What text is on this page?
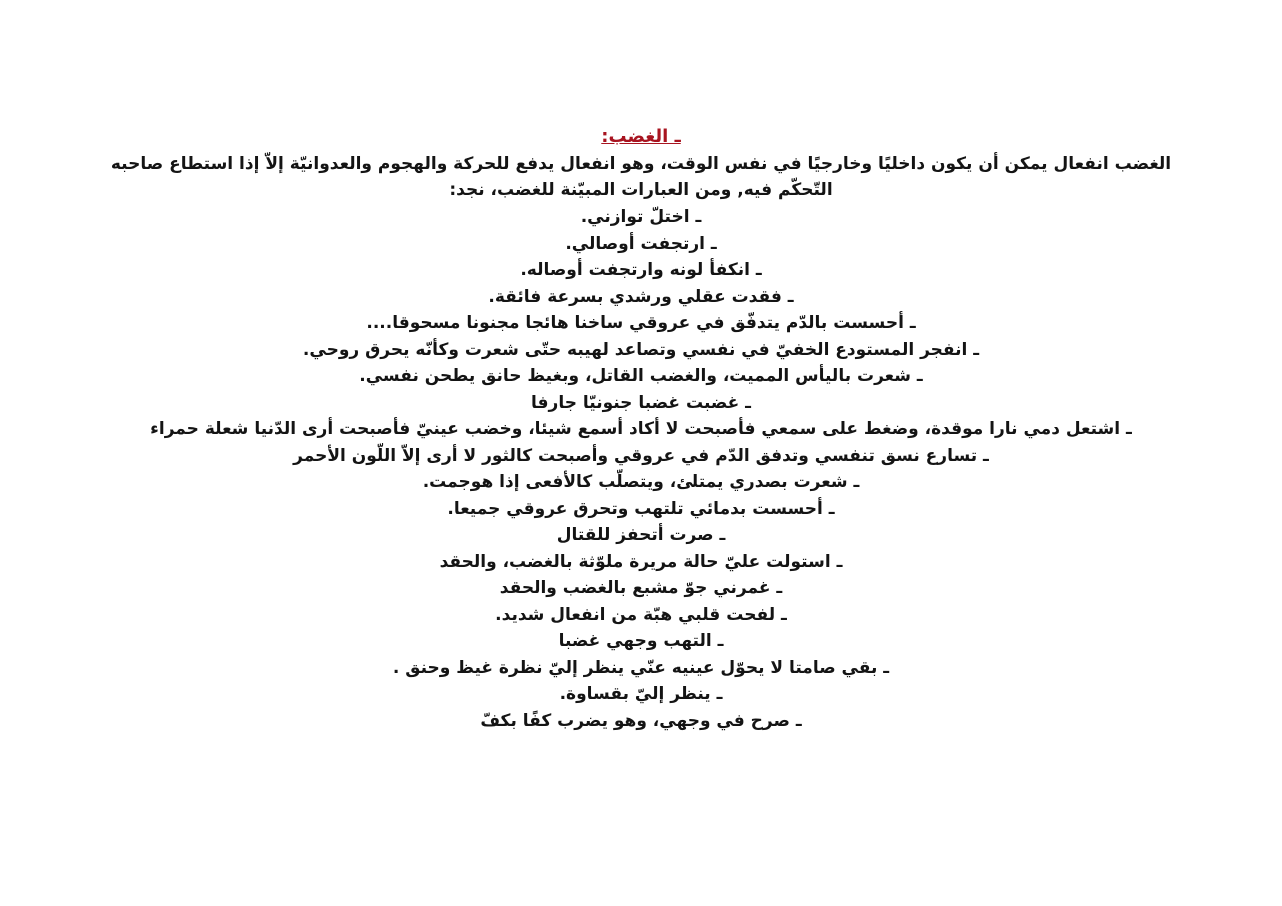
ـ الغضب:

الغضب انفعال يمكن أن يكون داخليًا وخارجيًا في نفس الوقت، وهو انفعال يدفع للحركة والهجوم والعدوانيّة إلاّ إذا استطاع صاحبه التّحكّم فيه, ومن العبارات المبيّنة للغضب، نجد:

ـ اختلّ توازني.

ـ ارتجفت أوصالي.

ـ انكفأ لونه وارتجفت أوصاله.

ـ فقدت عقلي ورشدي بسرعة فائقة.

ـ أحسست بالدّم يتدفّق في عروقي ساخنا هائجا مجنونا مسحوقا....

ـ انفجر المستودع الخفيّ في نفسي وتصاعد لهيبه حتّى شعرت وكأنّه يحرق روحي.

ـ شعرت باليأس المميت، والغضب القاتل، وبغيظ حانق يطحن نفسي.

ـ غضبت غضبا جنونيّا جارفا

ـ اشتعل دمي نارا موقدة، وضغط على سمعي فأصبحت لا أكاد أسمع شيئا، وخضب عينيّ فأصبحت أرى الدّنيا شعلة حمراء

ـ تسارع نسق تنفسي وتدفق الدّم في عروقي وأصبحت كالثور لا أرى إلاّ اللّون الأحمر

ـ شعرت بصدري يمتلئ، ويتصلّب كالأفعى إذا هوجمت.

ـ أحسست بدمائي تلتهب وتحرق عروقي جميعا.

ـ صرت أتحفز للقتال

ـ استولت عليّ حالة مريرة ملوّثة بالغضب، والحقد

ـ غمرني جوّ مشبع بالغضب والحقد

ـ لفحت قلبي هبّة من انفعال شديد.

ـ التهب وجهي غضبا

ـ بقي صامتا لا يحوّل عينيه عنّي ينظر إليّ نظرة غيظ وحنق .

ـ ينظر إليّ بقساوة.

ـ صرح في وجهي، وهو يضرب كفًا بكفّ
